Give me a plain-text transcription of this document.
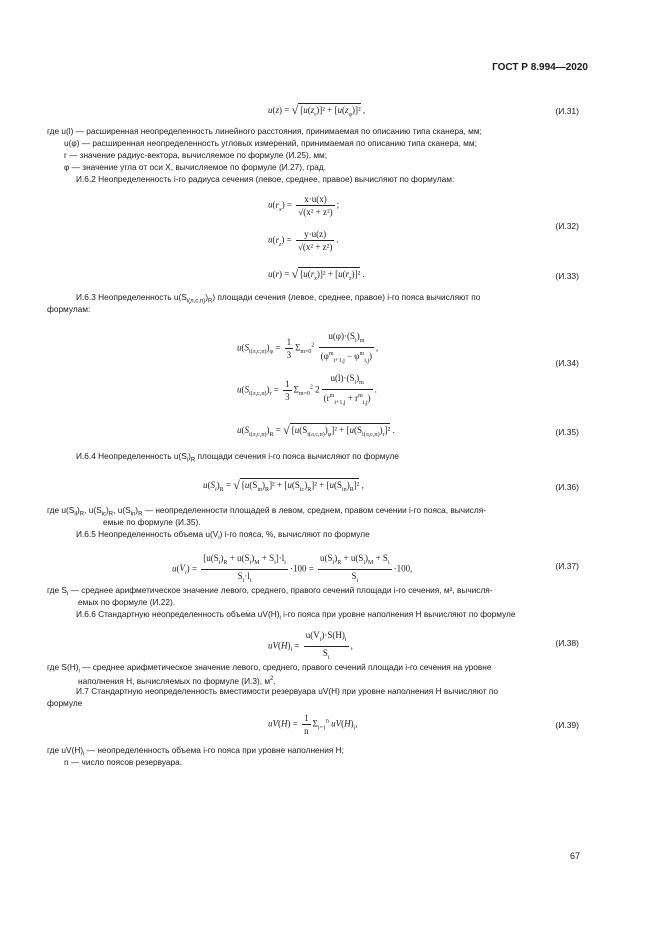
ГОСТ Р 8.994—2020
u(z) = √ $[u(z_r)]^2 + [u(z_\varphi)]^2$ ,	(И.31)
где u(l) — расширенная неопределенность линейного расстояния, принимаемая по описанию типа сканера, мм;
u(φ) — расширенная неопределенность угловых измерений, принимаемая по описанию типа сканера, мм;
r — значение радиус-вектора, вычисляемое по формуле (И.25), мм;
φ — значение угла от оси X, вычисляемое по формуле (И.27), град.
И.6.2 Неопределенность i-го радиуса сечения (левое, среднее, правое) вычисляют по формулам:
$u(r_x) = \frac{x\cdot u(x)}{\text{√(x² + z²)}}$ ;
$u(r_z) = \frac{y\cdot u(z)}{\text{√(x² + z²)}}$ .
(И.32)
u(r) = √ $[u(r_x)]^2 + [u(r_z)]^2$ .	(И.33)
И.6.3 Неопределенность $u(S_{i(л,с,п)})_R$) площади сечения (левое, среднее, правое) i-го пояса вычисляют по
формулам:
$u(S_{i(л,с,п)})_\varphi = \frac{1}{3} \Sigma_{m=0}^2 \frac{u(\varphi)\cdot(S_i)_m}{(\varphi^m_{i+1,j} - \varphi^m_{i,j})}$ ,
$u(S_{i(л,с,п)})_r = \frac{1}{3} \Sigma_{m=0}^2$ $2 \frac{u(l)\cdot(S_i)_m}{(r^m_{i+1,j} + r^m_{i,j})}$ .
(И.34)
$u(S_{i(л,с,п)})_R$ = √ $[u(S_{i(л,с,п)})_\varphi]^2 + [u(S_{i(л,с,п)})_r]^2$ .	(И.35)
И.6.4 Неопределенность $u(S_i)_R$ площади сечения i-го пояса вычисляют по формуле
$u(S_i)_R$ = √ $[u(S_{in})_R]^2 + [u(S_{ic})_R]^2 + [u(S_{in})_R]^2$ ,	(И.36)
где $u(S_{il})_R$, $u(S_{ic})_R$, $u(S_{in})_R$ — неопределенности площадей в левом, среднем, правом сечении i-го пояса, вычисля-
емые по формуле (И.35).
И.6.5 Неопределенность объема $u(V_i)$ i-го пояса, %, вычисляют по формуле
$u(V_i) = \frac{[u(S_i)_R + u(S_i)_M + S_i]\cdot l_i}{S_i\cdot l_i} \cdot 100 = \frac{u(S_i)_R + u(S_i)_M + S_i}{S_i} \cdot 100$,	(И.37)
где $S_i$ — среднее арифметическое значение левого, среднего, правого сечений площади i-го сечения, м², вычисля-
емых по формуле (И.22).
И.6.6 Стандартную неопределенность объема $uV(H)_i$ i-го пояса при уровне наполнения H вычисляют по формуле
$uV(H)_i = \frac{u(V_i)\cdot S(H)_i}{S_i}$ ,	(И.38)
где $S(H)_i$ — среднее арифметическое значение левого, среднего, правого сечений площади i-го сечения на уровне
наполнения H, вычисляемых по формуле (И.3), $м^2$.
И.7 Стандартную неопределенность вместимости резервуара uV(H) при уровне наполнения H вычисляют по
формуле
$uV(H) = \frac{1}{n} \Sigma_{i=1}^n$ $uV(H)_i$,	(И.39)
где $uV(H)_i$ — неопределенность объема i-го пояса при уровне наполнения H;
n — число поясов резервуара.
67
